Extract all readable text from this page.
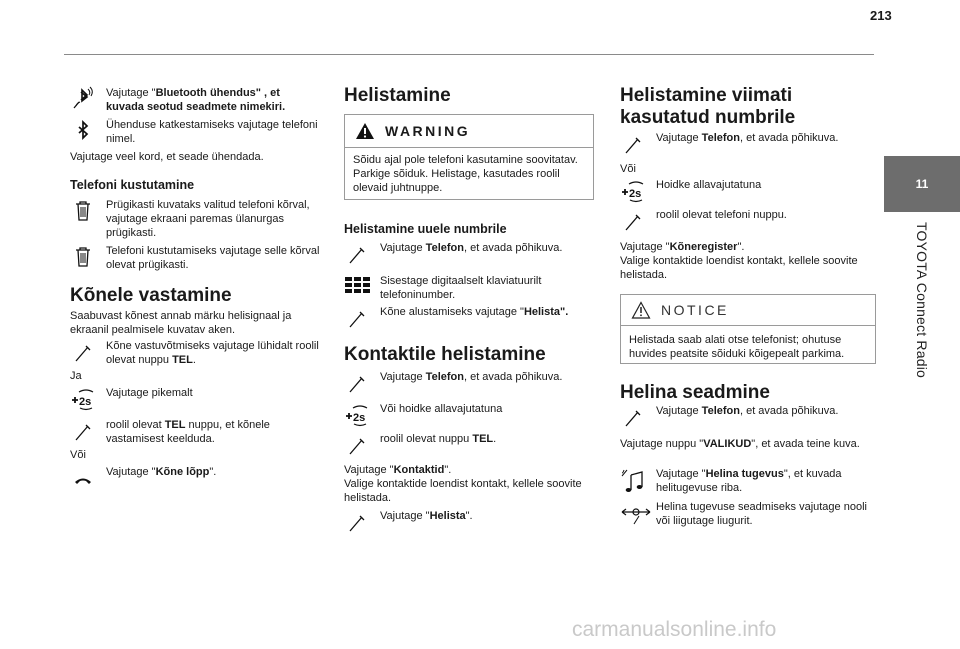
213
11
TOYOTA Connect Radio
Vajutage "Bluetooth ühendus" , et kuvada seotud seadmete nimekiri.
Ühenduse katkestamiseks vajutage telefoni nimel.
Vajutage veel kord, et seade ühendada.
Telefoni kustutamine
Prügikasti kuvataks valitud telefoni kõrval, vajutage ekraani paremas ülanurgas prügikasti.
Telefoni kustutamiseks vajutage selle kõrval olevat prügikasti.
Kõnele vastamine
Saabuvast kõnest annab märku helisignaal ja ekraanil pealmisele kuvatav aken.
Kõne vastuvõtmiseks vajutage lühidalt roolil olevat nuppu TEL.
Ja
2s
Vajutage pikemalt
roolil olevat TEL nuppu, et kõnele vastamisest keelduda.
Või
Vajutage "Kõne lõpp".
Helistamine
WARNING
Sõidu ajal pole telefoni kasutamine soovitatav. Parkige sõiduk. Helistage, kasutades roolil olevaid juhtnuppe.
Helistamine uuele numbrile
Vajutage Telefon, et avada põhikuva.
Sisestage digitaalselt klaviatuurilt telefoninumber.
Kõne alustamiseks vajutage "Helista".
Kontaktile helistamine
Vajutage Telefon, et avada põhikuva.
2s
Või hoidke allavajutatuna
roolil olevat nuppu TEL.
Vajutage "Kontaktid".
Valige kontaktide loendist kontakt, kellele soovite helistada.
Vajutage "Helista".
Helistamine viimati
kasutatud numbrile
Vajutage Telefon, et avada põhikuva.
Või
2s
Hoidke allavajutatuna
roolil olevat telefoni nuppu.
Vajutage "Kõneregister".
Valige kontaktide loendist kontakt, kellele soovite helistada.
NOTICE
Helistada saab alati otse telefonist; ohutuse huvides peatsite sõiduki kõigepealt parkima.
Helina seadmine
Vajutage Telefon, et avada põhikuva.
Vajutage nuppu "VALIKUD", et avada teine kuva.
Vajutage "Helina tugevus", et kuvada helitugevuse riba.
Helina tugevuse seadmiseks vajutage nooli või liigutage liugurit.
carmanualsonline.info
